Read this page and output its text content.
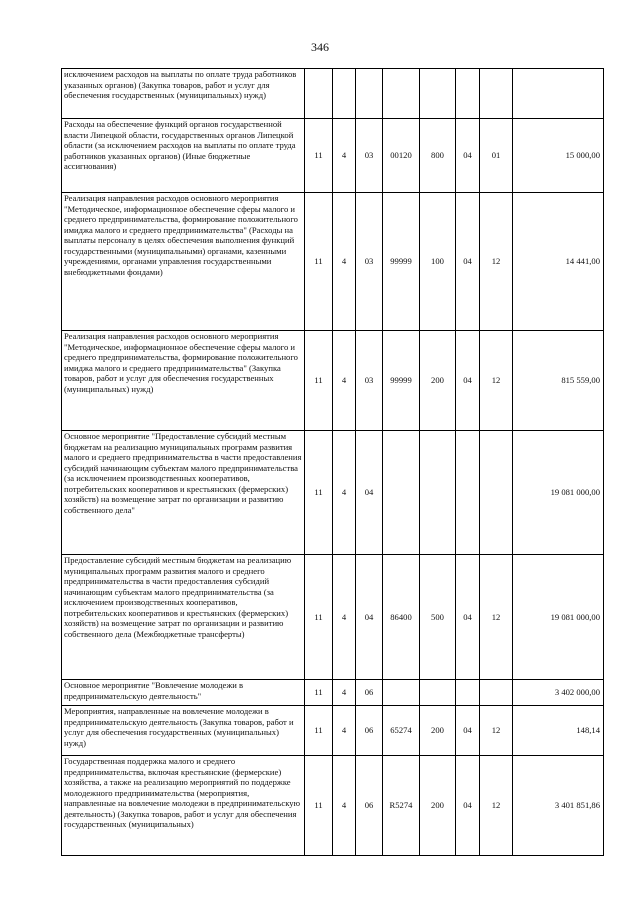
346
исключением расходов на выплаты по оплате труда работников указанных органов) (Закупка товаров, работ и услуг для обеспечения государственных (муниципальных) нужд)								
Расходы на обеспечение функций органов государственной власти Липецкой области, государственных органов Липецкой области (за исключением расходов на выплаты по оплате труда работников указанных органов) (Иные бюджетные ассигнования)	11	4	03	00120	800	04	01	15 000,00
Реализация направления расходов основного мероприятия "Методическое, информационное обеспечение сферы малого и среднего предпринимательства, формирование положительного имиджа малого и среднего предпринимательства" (Расходы на выплаты персоналу в целях обеспечения выполнения функций государственными (муниципальными) органами, казенными учреждениями, органами управления государственными внебюджетными фондами)	11	4	03	99999	100	04	12	14 441,00
Реализация направления расходов основного мероприятия "Методическое, информационное обеспечение сферы малого и среднего предпринимательства, формирование положительного имиджа малого и среднего предпринимательства" (Закупка товаров, работ и услуг для обеспечения государственных (муниципальных) нужд)	11	4	03	99999	200	04	12	815 559,00
Основное мероприятие "Предоставление субсидий местным бюджетам на реализацию муниципальных программ развития малого и среднего предпринимательства в части предоставления субсидий начинающим субъектам малого предпринимательства (за исключением производственных кооперативов, потребительских кооперативов и крестьянских (фермерских) хозяйств) на возмещение затрат по организации и развитию собственного дела"	11	4	04					19 081 000,00
Предоставление субсидий местным бюджетам на реализацию муниципальных программ развития малого и среднего предпринимательства в части предоставления субсидий начинающим субъектам малого предпринимательства (за исключением производственных кооперативов, потребительских кооперативов и крестьянских (фермерских) хозяйств) на возмещение затрат по организации и развитию собственного дела (Межбюджетные трансферты)	11	4	04	86400	500	04	12	19 081 000,00
Основное мероприятие "Вовлечение молодежи в предпринимательскую деятельность"	11	4	06					3 402 000,00
Мероприятия, направленные на вовлечение молодежи в предпринимательскую деятельность (Закупка товаров, работ и услуг для обеспечения государственных (муниципальных) нужд)	11	4	06	65274	200	04	12	148,14
Государственная поддержка малого и среднего предпринимательства, включая крестьянские (фермерские) хозяйства, а также на реализацию мероприятий по поддержке молодежного предпринимательства (мероприятия, направленные на вовлечение молодежи в предпринимательскую деятельность) (Закупка товаров, работ и услуг для обеспечения государственных (муниципальных)	11	4	06	R5274	200	04	12	3 401 851,86
